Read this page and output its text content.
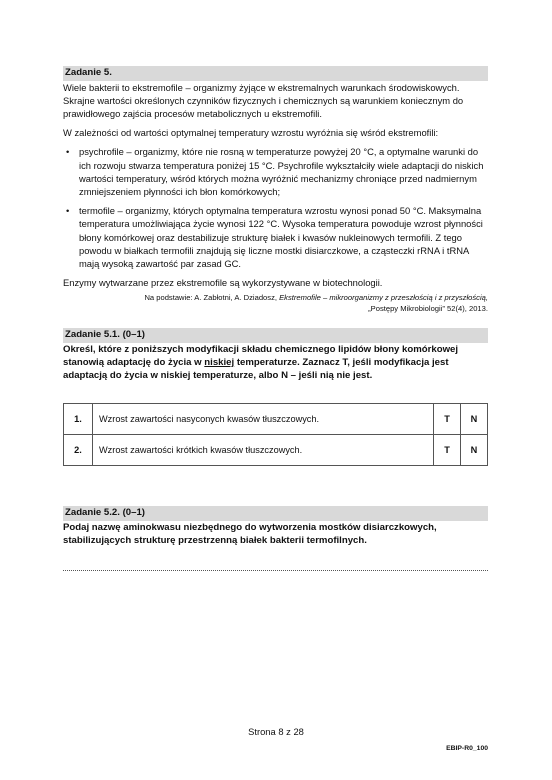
Zadanie 5.

Wiele bakterii to ekstremofile – organizmy żyjące w ekstremalnych warunkach środowiskowych. Skrajne wartości określonych czynników fizycznych i chemicznych są warunkiem koniecznym do prawidłowego zajścia procesów metabolicznych u ekstremofili.

W zależności od wartości optymalnej temperatury wzrostu wyróżnia się wśród ekstremofili:

• psychrofile – organizmy, które nie rosną w temperaturze powyżej 20 °C, a optymalne warunki do ich rozwoju stwarza temperatura poniżej 15 °C. Psychrofile wykształciły wiele adaptacji do niskich wartości temperatury, wśród których można wyróżnić mechanizmy chroniące przed nadmiernym zmniejszeniem płynności ich błon komórkowych;
• termofile – organizmy, których optymalna temperatura wzrostu wynosi ponad 50 °C. Maksymalna temperatura umożliwiająca życie wynosi 122 °C. Wysoka temperatura powoduje wzrost płynności błony komórkowej oraz destabilizuje strukturę białek i kwasów nukleinowych termofili. Z tego powodu w białkach termofili znajdują się liczne mostki disiarczkowe, a cząsteczki rRNA i tRNA mają wysoką zawartość par zasad GC.

Enzymy wytwarzane przez ekstremofile są wykorzystywane w biotechnologii.

Na podstawie: A. Zabłotni, A. Dziadosz, Ekstremofile – mikroorganizmy z przeszłością i z przyszłością,
„Postępy Mikrobiologii” 52(4), 2013.
Zadanie 5.1. (0–1)

Określ, które z poniższych modyfikacji składu chemicznego lipidów błony komórkowej stanowią adaptację do życia w niskiej temperaturze. Zaznacz T, jeśli modyfikacja jest adaptacją do życia w niskiej temperaturze, albo N – jeśli nią nie jest.

1.	Wzrost zawartości nasyconych kwasów tłuszczowych.	T	N
2.	Wzrost zawartości krótkich kwasów tłuszczowych.	T	N
Zadanie 5.2. (0–1)

Podaj nazwę aminokwasu niezbędnego do wytworzenia mostków disiarczkowych, stabilizujących strukturę przestrzenną białek bakterii termofilnych.

Strona 8 z 28
EBIP-R0_100
